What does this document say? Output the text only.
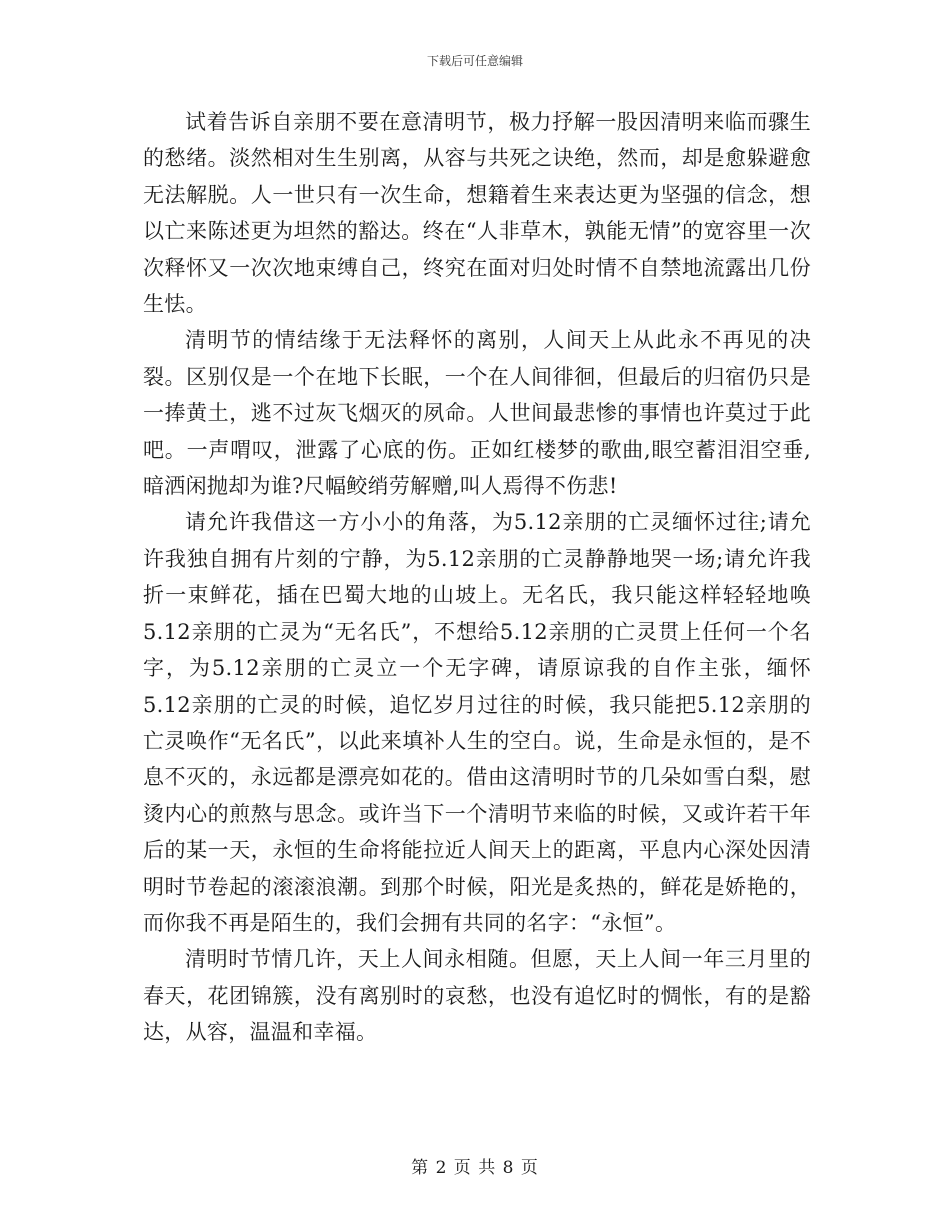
下载后可任意编辑

试着告诉自亲朋不要在意清明节，极力抒解一股因清明来临而骤生的愁绪。淡然相对生生别离，从容与共死之诀绝，然而，却是愈躲避愈无法解脱。人一世只有一次生命，想籍着生来表达更为坚强的信念，想以亡来陈述更为坦然的豁达。终在“人非草木，孰能无情”的宽容里一次次释怀又一次次地束缚自己，终究在面对归处时情不自禁地流露出几份生怯。

清明节的情结缘于无法释怀的离别，人间天上从此永不再见的决裂。区别仅是一个在地下长眠，一个在人间徘徊，但最后的归宿仍只是一捧黄土，逃不过灰飞烟灭的夙命。人世间最悲惨的事情也许莫过于此吧。一声喟叹，泄露了心底的伤。正如红楼梦的歌曲,眼空蓄泪泪空垂,暗洒闲抛却为谁?尺幅鲛绡劳解赠,叫人焉得不伤悲!

请允许我借这一方小小的角落，为5.12亲朋的亡灵缅怀过往;请允许我独自拥有片刻的宁静，为5.12亲朋的亡灵静静地哭一场;请允许我折一束鲜花，插在巴蜀大地的山坡上。无名氏，我只能这样轻轻地唤5.12亲朋的亡灵为“无名氏”，不想给5.12亲朋的亡灵贯上任何一个名字，为5.12亲朋的亡灵立一个无字碑，请原谅我的自作主张，缅怀5.12亲朋的亡灵的时候，追忆岁月过往的时候，我只能把5.12亲朋的亡灵唤作“无名氏”，以此来填补人生的空白。说，生命是永恒的，是不息不灭的，永远都是漂亮如花的。借由这清明时节的几朵如雪白梨，慰烫内心的煎熬与思念。或许当下一个清明节来临的时候，又或许若干年后的某一天，永恒的生命将能拉近人间天上的距离，平息内心深处因清明时节卷起的滚滚浪潮。到那个时候，阳光是炙热的，鲜花是娇艳的，而你我不再是陌生的，我们会拥有共同的名字：“永恒”。

清明时节情几许，天上人间永相随。但愿，天上人间一年三月里的春天，花团锦簇，没有离别时的哀愁，也没有追忆时的惆怅，有的是豁达，从容，温温和幸福。

第 2 页 共 8 页
